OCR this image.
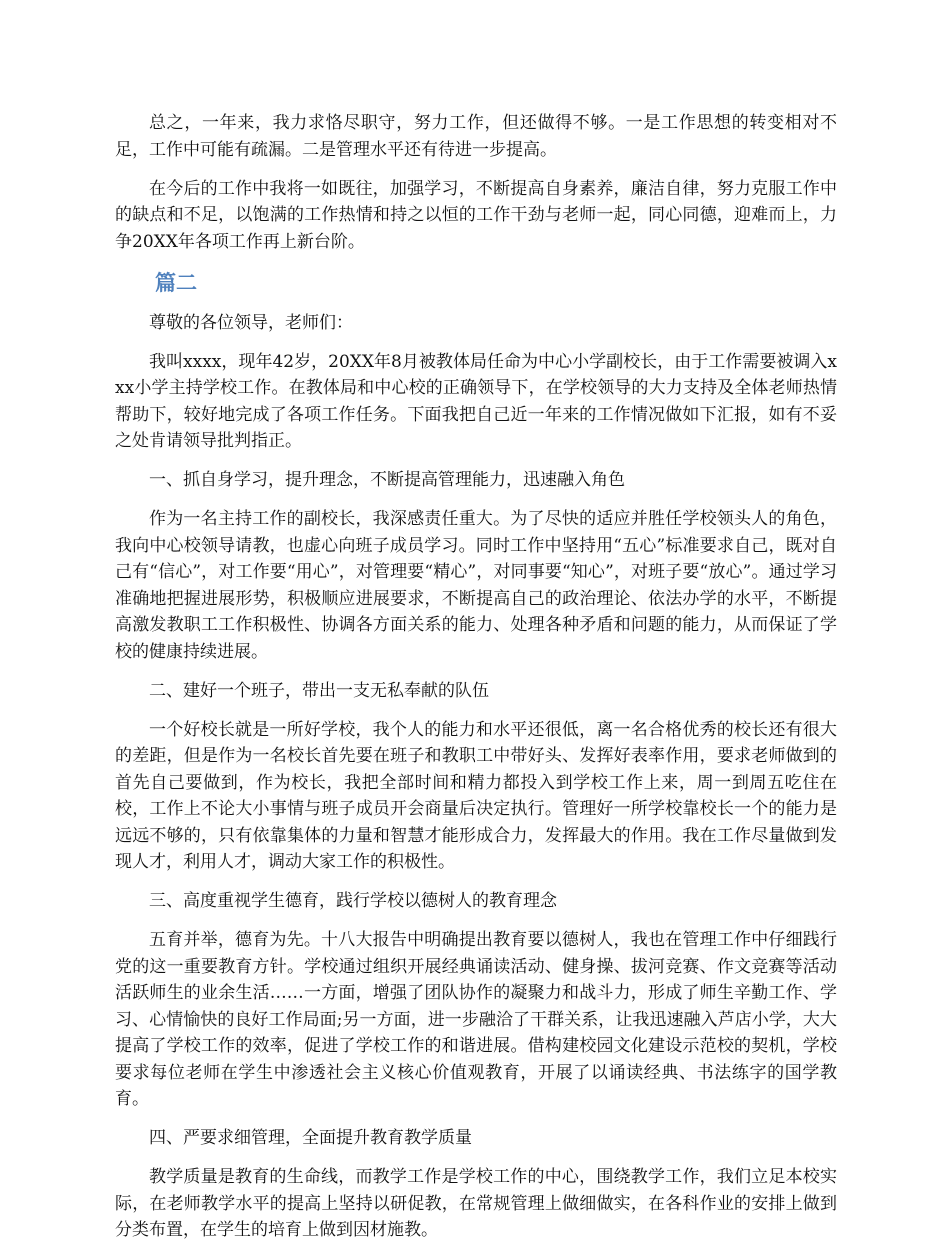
总之，一年来，我力求恪尽职守，努力工作，但还做得不够。一是工作思想的转变相对不足，工作中可能有疏漏。二是管理水平还有待进一步提高。

在今后的工作中我将一如既往，加强学习，不断提高自身素养，廉洁自律，努力克服工作中的缺点和不足，以饱满的工作热情和持之以恒的工作干劲与老师一起，同心同德，迎难而上，力争20XX年各项工作再上新台阶。

篇二

尊敬的各位领导，老师们：

我叫xxxx，现年42岁，20XX年8月被教体局任命为中心小学副校长，由于工作需要被调入xxx小学主持学校工作。在教体局和中心校的正确领导下，在学校领导的大力支持及全体老师热情帮助下，较好地完成了各项工作任务。下面我把自己近一年来的工作情况做如下汇报，如有不妥之处肯请领导批判指正。

一、抓自身学习，提升理念，不断提高管理能力，迅速融入角色

作为一名主持工作的副校长，我深感责任重大。为了尽快的适应并胜任学校领头人的角色，我向中心校领导请教，也虚心向班子成员学习。同时工作中坚持用“五心”标准要求自己，既对自己有“信心”，对工作要“用心”，对管理要“精心”，对同事要“知心”，对班子要“放心”。通过学习准确地把握进展形势，积极顺应进展要求，不断提高自己的政治理论、依法办学的水平，不断提高激发教职工工作积极性、协调各方面关系的能力、处理各种矛盾和问题的能力，从而保证了学校的健康持续进展。

二、建好一个班子，带出一支无私奉献的队伍

一个好校长就是一所好学校，我个人的能力和水平还很低，离一名合格优秀的校长还有很大的差距，但是作为一名校长首先要在班子和教职工中带好头、发挥好表率作用，要求老师做到的首先自己要做到，作为校长，我把全部时间和精力都投入到学校工作上来，周一到周五吃住在校，工作上不论大小事情与班子成员开会商量后决定执行。管理好一所学校靠校长一个的能力是远远不够的，只有依靠集体的力量和智慧才能形成合力，发挥最大的作用。我在工作尽量做到发现人才，利用人才，调动大家工作的积极性。

三、高度重视学生德育，践行学校以德树人的教育理念

五育并举，德育为先。十八大报告中明确提出教育要以德树人，我也在管理工作中仔细践行党的这一重要教育方针。学校通过组织开展经典诵读活动、健身操、拔河竞赛、作文竞赛等活动活跃师生的业余生活……一方面，增强了团队协作的凝聚力和战斗力，形成了师生辛勤工作、学习、心情愉快的良好工作局面;另一方面，进一步融洽了干群关系，让我迅速融入芦店小学，大大提高了学校工作的效率，促进了学校工作的和谐进展。借构建校园文化建设示范校的契机，学校要求每位老师在学生中渗透社会主义核心价值观教育，开展了以诵读经典、书法练字的国学教育。

四、严要求细管理，全面提升教育教学质量

教学质量是教育的生命线，而教学工作是学校工作的中心，围绕教学工作，我们立足本校实际，在老师教学水平的提高上坚持以研促教，在常规管理上做细做实，在各科作业的安排上做到分类布置，在学生的培育上做到因材施教。
